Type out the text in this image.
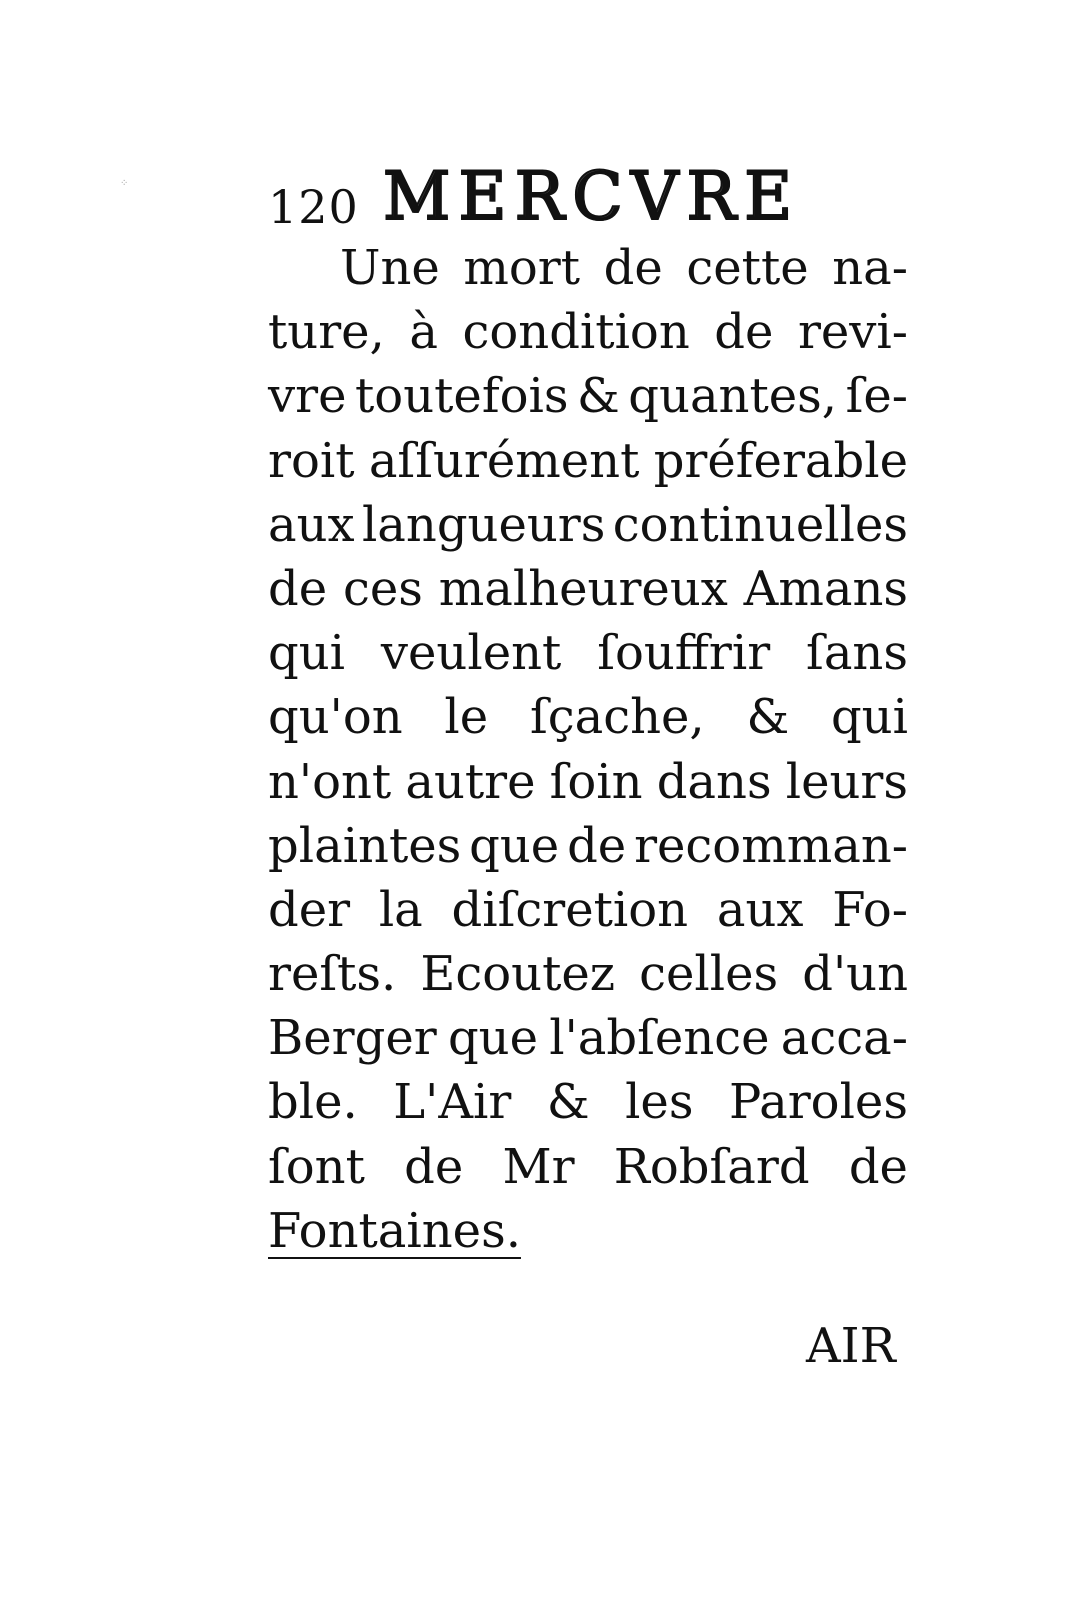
⁘	120 MERCVRE
Une mort de cette na-
ture, à condition de revi-
vre toutefois & quantes, ſe-
roit aſſurément préferable
aux langueurs continuelles
de ces malheureux Amans
qui veulent ſouffrir ſans
qu'on le ſçache, & qui
n'ont autre ſoin dans leurs
plaintes que de recomman-
der la diſcretion aux Fo-
reſts. Ecoutez celles d'un
Berger que l'abſence acca-
ble. L'Air & les Paroles
ſont de Mr Robſard de
Fontaines.
AIR
